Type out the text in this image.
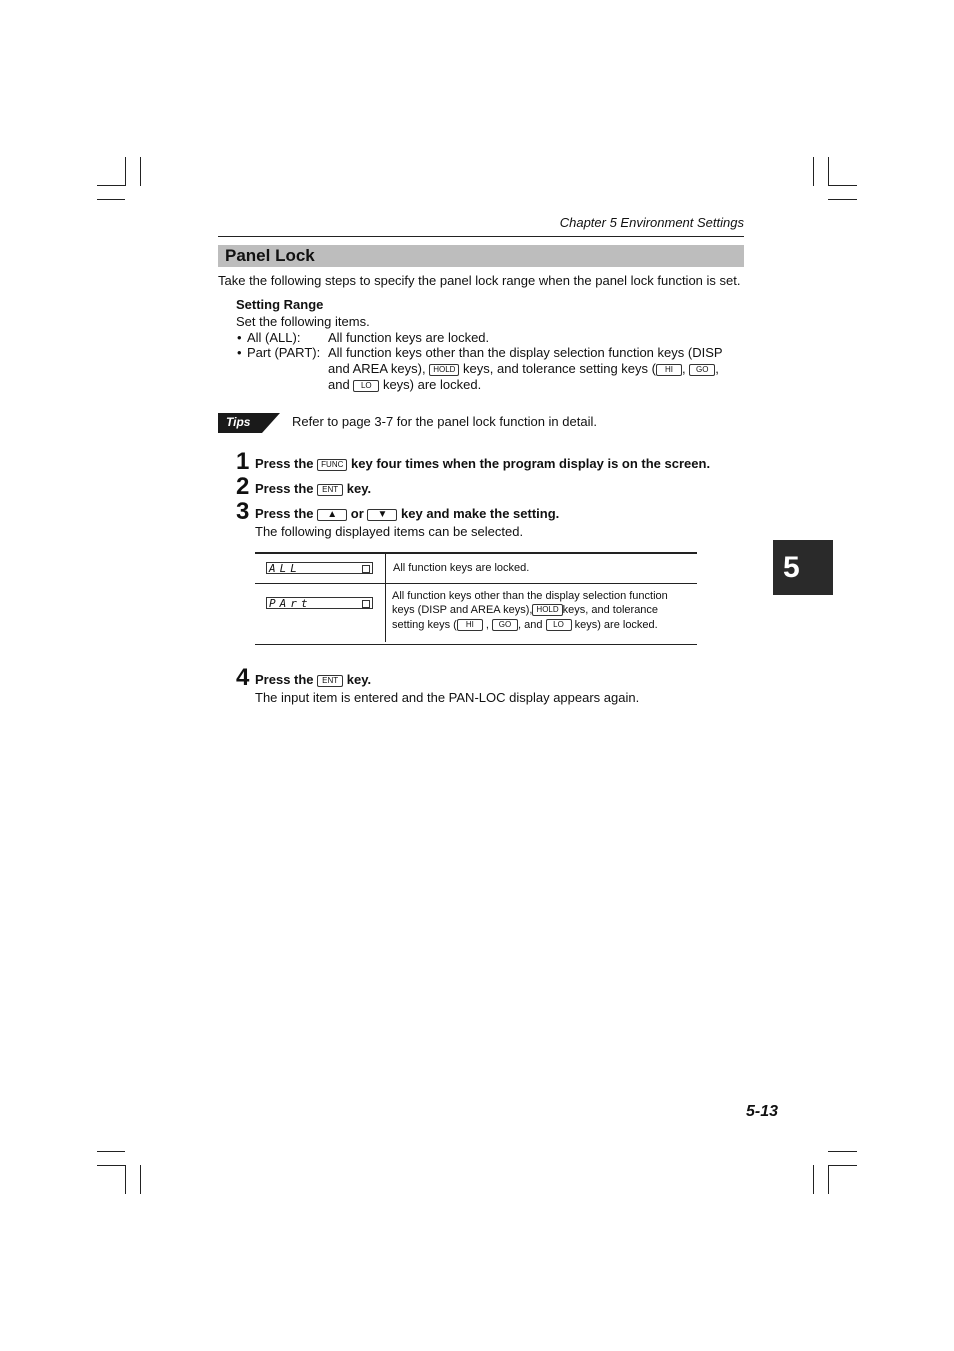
Chapter 5 Environment Settings
Panel Lock
Take the following steps to specify the panel lock range when the panel lock function is set.
Setting Range
Set the following items.
• All (ALL): All function keys are locked.
• Part (PART): All function keys other than the display selection function keys (DISP
and AREA keys), HOLD keys, and tolerance setting keys ( HI , GO ,
and LO keys) are locked.
Tips	Refer to page 3-7 for the panel lock function in detail.
1 Press the FUNC key four times when the program display is on the screen.
2 Press the ENT key.
3 Press the ▲ or ▼ key and make the setting.
The following displayed items can be selected.
ALL	All function keys are locked.
PArt
All function keys other than the display selection function
keys (DISP and AREA keys), HOLD keys, and tolerance
setting keys ( HI , GO , and LO keys) are locked.
4 Press the ENT key.
The input item is entered and the PAN-LOC display appears again.
5
5-13
